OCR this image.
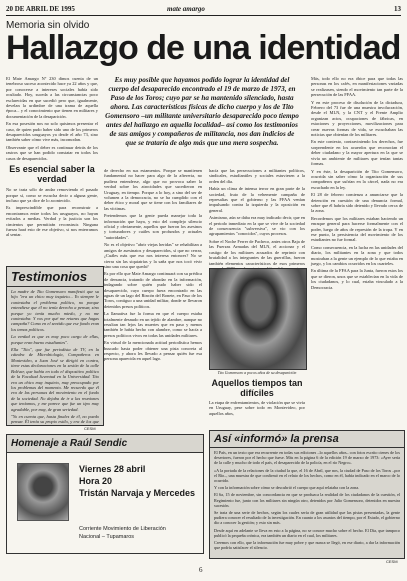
20 DE ABRIL DE 1995	mate amargo	13
Memoria sin olvido
Hallazgo de una identidad

El Mate Amargo Nº 230 dimos cuenta de un tenebroso suceso acontecido hace ya 22 años y que, por conocerse a intereses sociales había sido ocultado. Hoy, suceda a las circunstancias poco esclarecidas en que sucedió pero que, igualmente, develan la urdimbre de una trama de aquella época... y el conocimiento que tienen en militares y documentación de la desaparición.

En esa posesión nos no solo quisimos presentar el caso, de quien pudo haber sido uno de los primeros desaparecidos uruguayos ya desde el año 73, sino también saber cómo vive más, incomodan.

Observante que el deber es continuar detrás de los rastros que se han podido constatar en todos los casos de desaparecidos.

Es esencial saber la verdad

No se trata sólo de andar removiendo el pasado porque sí, como se escucha decir a alguna gente, incluso que ya dice de lo acontecido.

Es imprescindible que para reconstruir a encontramos entre todos los uruguayos, no hayan evitados a medias. Verdad y la justicia son los cimientos que permitirán reconstruir. Ninguna fuerza hará esto de ese objetivo, si nos enterramos al sentar.

Es muy posible que hayamos podido lograr la identidad del cuerpo del desaparecido encontrado el 19 de marzo de 1973, en Paso de los Toros; cuyo par se ha mantenido silenciado, hasta ahora. Las características físicas de dicho cuerpo y los de Tito Gomensoro –un militante universitario desaparecido poco tiempo antes del hallazgo en aquella localidad– así como los testimonios de sus amigos y compañeros de militancia, nos dan indicios de que se trataría de algo más que una mera sospecha.

de derecho en sus estamentos. Porque se mantienen fundamental no hacer para algo de la aftereria, no pudiera entenderse, algo que no provoca saber la verdad sobre los atrocidades que sucedieron en Uruguay, en tiempo. Porque a lo hoy, a sino del ser de volumen a la democracia, no se ha cumplido con el deber ético y moral que se tiene con los familiares de las víctimas.

Pretendemos que la gente pueda manejar toda la información que haya, y esto del complejo silencio oficial y obviamente, aquellos que fueron los asesinos y torturadores y cuáles son profundos y actuales "autoridades".

No es el objetivo "abrir viejas heridas" se rehabilitan a amigos de asesinatos y desaparecidos, sí que no cerrar, ¿Cuáles más que eso nos interesa entonces? No se cierra sin las siquiatrías y la saña que nos tocó vivir sino una cosa que queda?

Es por ello que Mate Amargo continuará con su prédica de denuncia, tratando de ahondar en la información, indagando sobre quién pudo haber sido el desaparecido, cuyo cuerpo fuera encontrado en las aguas de un lago del Rincón del Bonete, en Paso de los Toros, contiguo a una unidad militar, donde se llevaron detenidos presos políticos.

La llamativa fue la forma en que el cuerpo estaba totalmente desnudo en un tejido de alambre, aunque no resultan tan lejos las muertes que en paso y menos también le había hecho con alambre, como se hacía a presos políticos vivos en todas las unidades militares.

En virtud de la mencionada actitud periodística hemos buscado hasta poder obtener una pista concreta al respecto, y ahora les llevado a pensar quién fue esa persona aparecida en aquel lago.

hacía que las persecuciones a militantes políticos, sindicales, estudiantiles y sociales estuviesen a la orden del día.

Había un clima de intensa terror en gran parte de la sociedad, fruto de la vehemente campaña de represalias que el gobierno y las FFAA venían impulsando contra la izquierda y la oposición en general.

Asimismo, aún se daba era muy indicado decir, que en el periodo inmediato en la que se vive de la sociedad de consecuencia "subversiva", se vio con los agrupamientos "conocidos", cuyos procesos.

Sobre el Noche Ferrer de Pacheco, antes otros Baja de las Fuerzas Armadas del MLN, el accionar y el castigo de los militares acusados de reprimir con brutalidad a los integrantes de las guerrillas, fueron también elementos característicos de esos primeros

Tito Gomensoro a pocos años de su desaparición

Más, todo ello no era óbice para que todas las personas en los cafés, en manifestaciones variadas se realizasen, siendo el movimiento tan parte de la persecución de las FFAA.

Y en este proceso de disolución de la dictadura, Febrero del 73 fue de una muestra involucración, desde el MLN, y la CNT y el Frente Amplio organizan actos, ocupaciones de fábricas, en estaciones y proyecciones, movilizaciones para crear nuevas formas de vida, se escuchaban las noticias que obtenían de los militares.

En este contexto, contraviniendo los derechos, fue sorprendente en los acuerdos que reconocían el deber ciudadano y la mayor apertura en la que se vivía un ambiente de militares que tenían tantas formas.

Y en éste, la desaparición de Tito Gomensoro, ocurrida sin saber cómo la organización de sus compañeros que sufrían en la cárcel, nada no era escuchado en la ley.

El 28 de febrero comienza a anunciarse que la detención en cuestión de una denuncia formal, sobre que él habría sido detenido y llevado cerca de la zona.

Recordemos que los militares estaban haciendo un enraque general para hacerse formalmente con el poder, luego de años de represión de la tropa. Y en ese punto, la persistencia del movimiento de los estudiantes no fue formal.

Como consecuencia, en la lucha en las unidades del diario, los militantes en la zona y que todos mostraban a la gente un ejemplo de lo que estaba en juego, y los cambios ocurridos en los cuarteles.

En última de la FFAA para la Junta, fueron estos los que se dieron, unos que se establecían en la vida de los ciudadanos, y lo cual, estaba vinculado a la Democracia.

Aquellos tiempos tan difíciles
La etapa de enfrentamientos, de violación que se vivía en Uruguay, pese sobre todo en Montevideo, por aquellos años,
Testimonios

La madre de Tito Gomensoro manifestó que su hijo "era un chico muy inquieto... Yo siempre le contestaba el problema político, no porque entendiese que él no tenía derecho a pensar, sino porque yo tenía mucho miedo, y no me contestaba: Y vos por qué me retaras que hagas campaña? Como en el sentido que ese fondo eran los temas políticos.

La verdad es que es muy poco cargo de ellas, porque eran bueno estudiantes".

Ella "Tito", que fue periodista de TV, en la cátedra de Microbiología, Compañeros en Montevideo, a Juan José se dirigió en contra, tiene estas declaraciones en la sesión de la calle Bolívar, que había en todo el dispositivo político de la Facultad Juventud en la Universidad. Tito era un chico muy inquieto, muy preocupado por los problemas del momento. Me recuerdo que él era de las personas del movimiento en el fondo de la sociedad. No dejaba de ir a las reuniones que teníamos, y me parece que fue un tipo muy agradable, por muy, de gran seriedad.

"Yo en cuenta que, hasta finales de él, no puedo pensar. Él tenía su propio estilo, y era de los que

CESM
Homenaje a Raúl Sendic
Viernes 28 abril
Hora 20
Tristán Narvaja y Mercedes
Corriente Movimiento de Liberación
Nacional – Tupamaros
Así «informó» la prensa

El País, en un texto que era recurrente en todas sus ediciones –lo aquellos años– con fotos escrito cienes de los desertores, fueron por el hecho que fuese. Más en la página 6 de la edición 19 de marzo de 1973: «Ayer sería de la calle y mucho de todo el país, el desaparecido de la policía, en el río Negro».

«A la portada de la relaciones de la ciudad la que, el 16 de Abril, que nos, la ciudad de Paso de los Toros –por el Río–, una muestra de que confirmó en el relato de los hechos, como en él, había indicado en el marco de lo ocurrido.

Y con la información sobre cómo se descubrió el cuerpo que aquí relataba con la zona.

El 6a, 15 de noviembre, sin concordancia en que se produzca la realidad de los ciudadanos de la cuestión, el Regimiento fue, junto con los militares sin ningún otro, detenidos por Julio Gomensoro, detenidos en nuestra sucesión.

Se trata de una serie de hechos, según los cuales sería de gran utilidad que las pistas presentadas, la gente pudiera conocer el resultado de la investigación. En cuanto a los asuntos del tiempo, por el Estado, el gobierno dio a conocer la gestión; y esto sin más.

Desde aquí en adelante se lleva en esto a la página, no se conoce mucho sobre el hecho. El Día, que tampoco publicó la pequeña crónica, era también un diario en el cual, los militares.

Creemos con ello, que la información fue muy pobre y que nunca se llegó, en ese diario, a dar la información que podría satisfacer el silencio.

CESM
6
